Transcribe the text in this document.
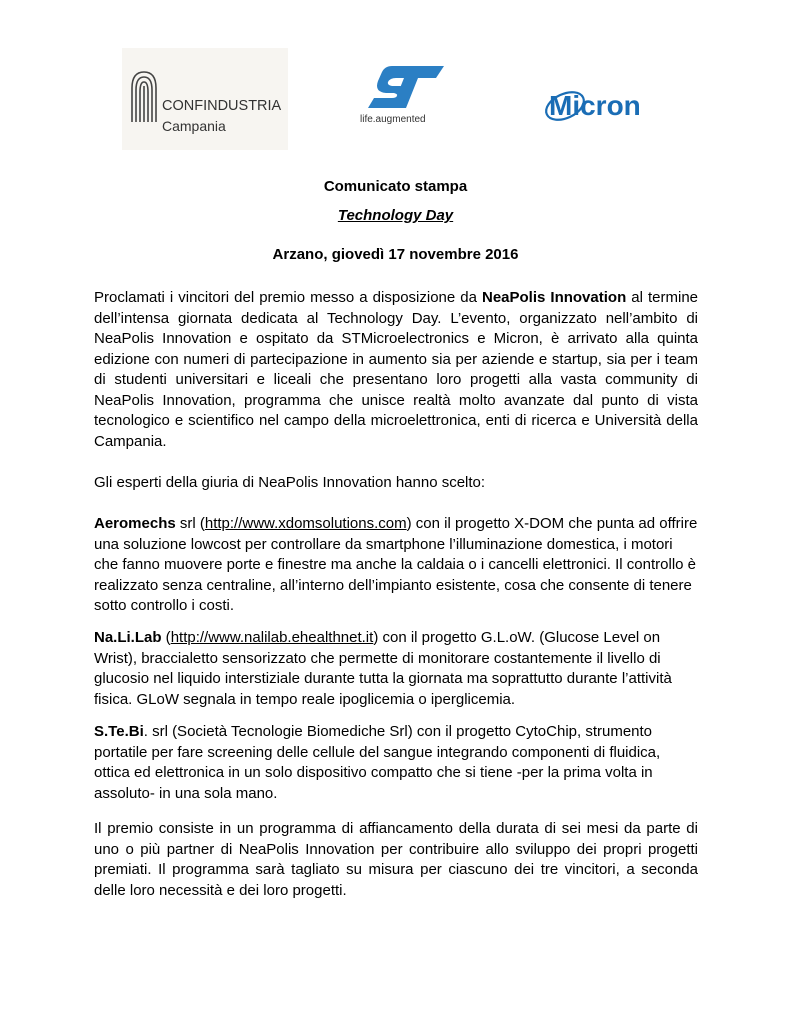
CONFINDUSTRIA
Campania	life.augmented	Micron
Comunicato stampa
Technology Day
Arzano, giovedì 17 novembre 2016
Proclamati i vincitori del premio messo a disposizione da NeaPolis Innovation al termine dell’intensa giornata dedicata al Technology Day. L’evento, organizzato nell’ambito di NeaPolis Innovation e ospitato da STMicroelectronics e Micron, è arrivato alla quinta edizione con numeri di partecipazione in aumento sia per aziende e startup, sia per i team di studenti universitari e liceali che presentano loro progetti alla vasta community di NeaPolis Innovation, programma che unisce realtà molto avanzate dal punto di vista tecnologico e scientifico nel campo della microelettronica, enti di ricerca e Università della Campania.
Gli esperti della giuria di NeaPolis Innovation hanno scelto:
Aeromechs srl (http://www.xdomsolutions.com) con il progetto X-DOM che punta ad offrire una soluzione lowcost per controllare da smartphone l’illuminazione domestica, i motori che fanno muovere porte e finestre ma anche la caldaia o i cancelli elettronici. Il controllo è realizzato senza centraline, all’interno dell’impianto esistente, cosa che consente di tenere sotto controllo i costi.
Na.Li.Lab (http://www.nalilab.ehealthnet.it) con il progetto G.L.oW. (Glucose Level on Wrist), braccialetto sensorizzato che permette di monitorare costantemente il livello di glucosio nel liquido interstiziale durante tutta la giornata ma soprattutto durante l’attività fisica. GLoW segnala in tempo reale ipoglicemia o iperglicemia.
S.Te.Bi. srl (Società Tecnologie Biomediche Srl) con il progetto CytoChip, strumento portatile per fare screening delle cellule del sangue integrando componenti di fluidica, ottica ed elettronica in un solo dispositivo compatto che si tiene -per la prima volta in assoluto- in una sola mano.
Il premio consiste in un programma di affiancamento della durata di sei mesi da parte di uno o più partner di NeaPolis Innovation per contribuire allo sviluppo dei propri progetti premiati. Il programma sarà tagliato su misura per ciascuno dei tre vincitori, a seconda delle loro necessità e dei loro progetti.
